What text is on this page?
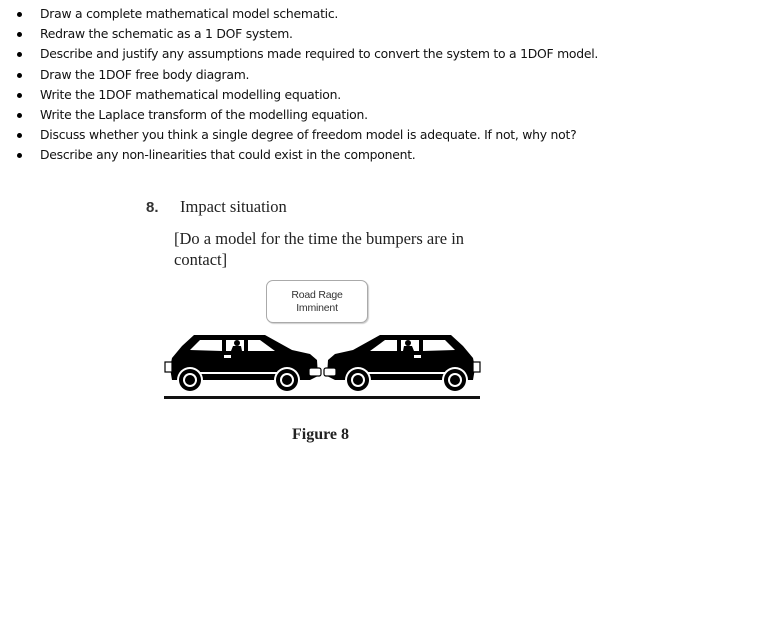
Draw a complete mathematical model schematic.
Redraw the schematic as a 1 DOF system.
Describe and justify any assumptions made required to convert the system to a 1DOF model.
Draw the 1DOF free body diagram.
Write the 1DOF mathematical modelling equation.
Write the Laplace transform of the modelling equation.
Discuss whether you think a single degree of freedom model is adequate. If not, why not?
Describe any non-linearities that could exist in the component.
8. Impact situation
[Do a model for the time the bumpers are in contact]
Road Rage
Imminent
Figure 8
